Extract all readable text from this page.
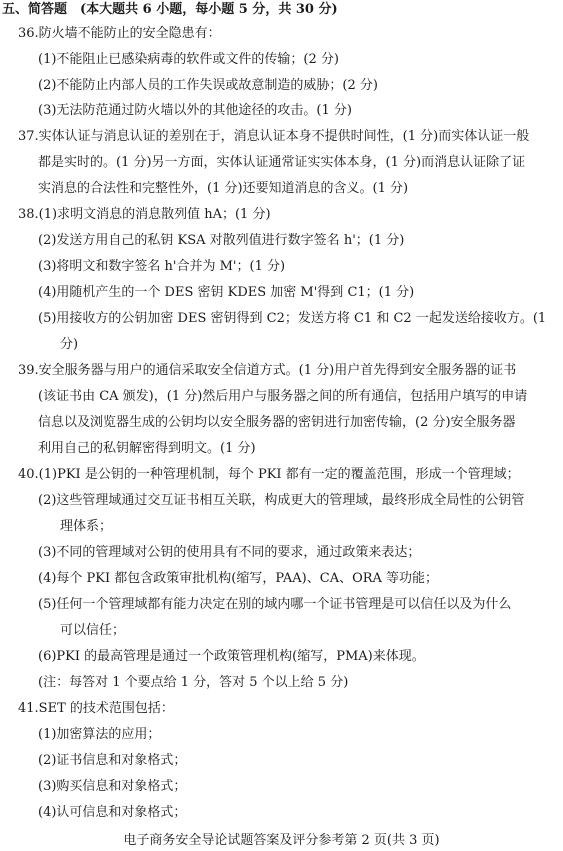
五、简答题　(本大题共 6 小题，每小题 5 分，共 30 分)
36.防火墙不能防止的安全隐患有：
(1)不能阻止已感染病毒的软件或文件的传输；(2 分)
(2)不能防止内部人员的工作失误或故意制造的威胁；(2 分)
(3)无法防范通过防火墙以外的其他途径的攻击。(1 分)
37.实体认证与消息认证的差别在于，消息认证本身不提供时间性，(1 分)而实体认证一般
都是实时的。(1 分)另一方面，实体认证通常证实实体本身，(1 分)而消息认证除了证
实消息的合法性和完整性外，(1 分)还要知道消息的含义。(1 分)
38.(1)求明文消息的消息散列值 hA；(1 分)
(2)发送方用自己的私钥 KSA 对散列值进行数字签名 h'；(1 分)
(3)将明文和数字签名 h'合并为 M'；(1 分)
(4)用随机产生的一个 DES 密钥 KDES 加密 M'得到 C1；(1 分)
(5)用接收方的公钥加密 DES 密钥得到 C2；发送方将 C1 和 C2 一起发送给接收方。(1
分)
39.安全服务器与用户的通信采取安全信道方式。(1 分)用户首先得到安全服务器的证书
(该证书由 CA 颁发)，(1 分)然后用户与服务器之间的所有通信，包括用户填写的申请
信息以及浏览器生成的公钥均以安全服务器的密钥进行加密传输，(2 分)安全服务器
利用自己的私钥解密得到明文。(1 分)
40.(1)PKI 是公钥的一种管理机制，每个 PKI 都有一定的覆盖范围，形成一个管理域；
(2)这些管理域通过交互证书相互关联，构成更大的管理域，最终形成全局性的公钥管
理体系；
(3)不同的管理域对公钥的使用具有不同的要求，通过政策来表达；
(4)每个 PKI 都包含政策审批机构(缩写，PAA)、CA、ORA 等功能；
(5)任何一个管理域都有能力决定在别的域内哪一个证书管理是可以信任以及为什么
可以信任；
(6)PKI 的最高管理是通过一个政策管理机构(缩写，PMA)来体现。
(注：每答对 1 个要点给 1 分，答对 5 个以上给 5 分)
41.SET 的技术范围包括：
(1)加密算法的应用；
(2)证书信息和对象格式；
(3)购买信息和对象格式；
(4)认可信息和对象格式；
电子商务安全导论试题答案及评分参考第 2 页(共 3 页)
